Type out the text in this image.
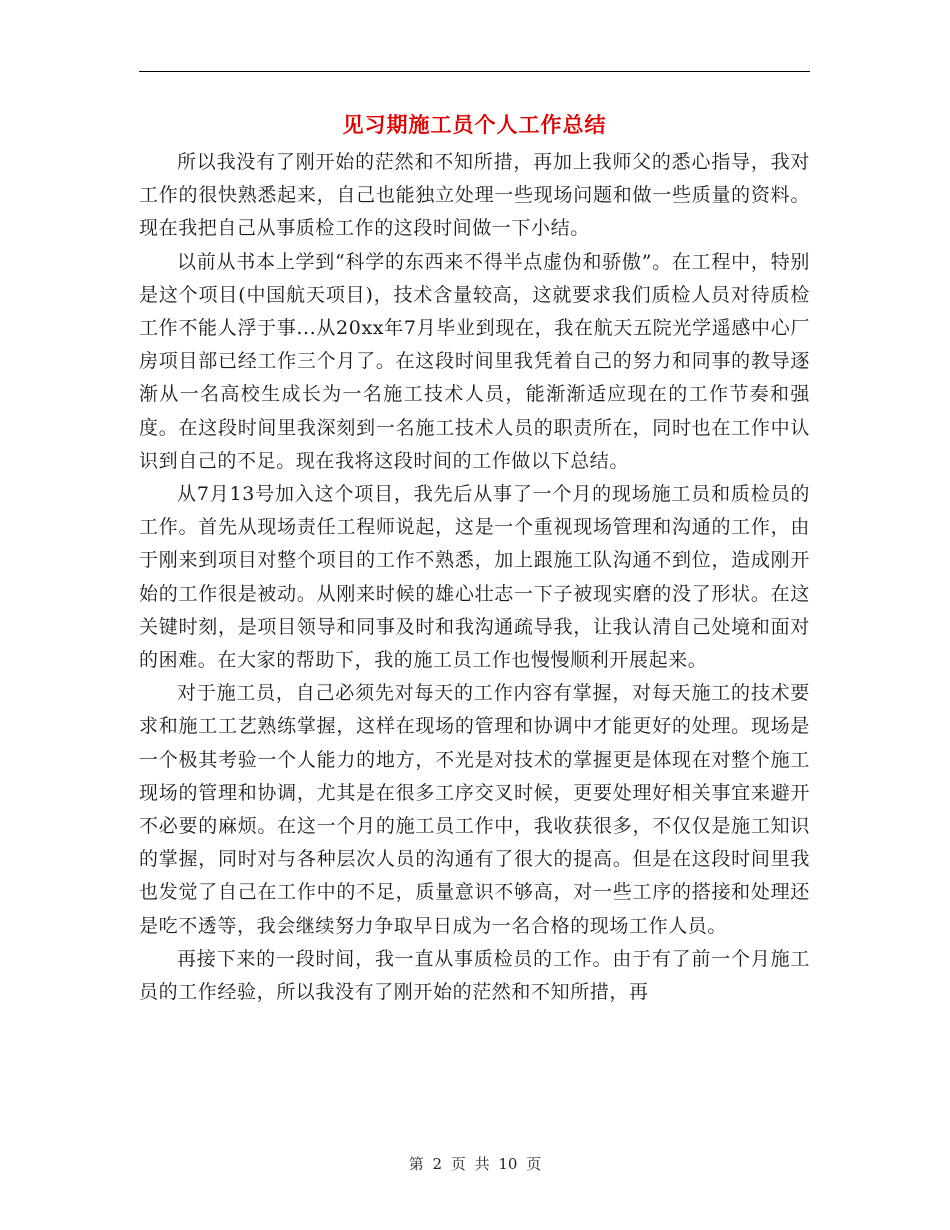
见习期施工员个人工作总结

所以我没有了刚开始的茫然和不知所措，再加上我师父的悉心指导，我对工作的很快熟悉起来，自己也能独立处理一些现场问题和做一些质量的资料。现在我把自己从事质检工作的这段时间做一下小结。

以前从书本上学到“科学的东西来不得半点虚伪和骄傲”。在工程中，特别是这个项目(中国航天项目)，技术含量较高，这就要求我们质检人员对待质检工作不能人浮于事...从20xx年7月毕业到现在，我在航天五院光学遥感中心厂房项目部已经工作三个月了。在这段时间里我凭着自己的努力和同事的教导逐渐从一名高校生成长为一名施工技术人员，能渐渐适应现在的工作节奏和强度。在这段时间里我深刻到一名施工技术人员的职责所在，同时也在工作中认识到自己的不足。现在我将这段时间的工作做以下总结。

从7月13号加入这个项目，我先后从事了一个月的现场施工员和质检员的工作。首先从现场责任工程师说起，这是一个重视现场管理和沟通的工作，由于刚来到项目对整个项目的工作不熟悉，加上跟施工队沟通不到位，造成刚开始的工作很是被动。从刚来时候的雄心壮志一下子被现实磨的没了形状。在这关键时刻，是项目领导和同事及时和我沟通疏导我，让我认清自己处境和面对的困难。在大家的帮助下，我的施工员工作也慢慢顺利开展起来。

对于施工员，自己必须先对每天的工作内容有掌握，对每天施工的技术要求和施工工艺熟练掌握，这样在现场的管理和协调中才能更好的处理。现场是一个极其考验一个人能力的地方，不光是对技术的掌握更是体现在对整个施工现场的管理和协调，尤其是在很多工序交叉时候，更要处理好相关事宜来避开不必要的麻烦。在这一个月的施工员工作中，我收获很多，不仅仅是施工知识的掌握，同时对与各种层次人员的沟通有了很大的提高。但是在这段时间里我也发觉了自己在工作中的不足，质量意识不够高，对一些工序的搭接和处理还是吃不透等，我会继续努力争取早日成为一名合格的现场工作人员。

再接下来的一段时间，我一直从事质检员的工作。由于有了前一个月施工员的工作经验，所以我没有了刚开始的茫然和不知所措，再

第 2 页 共 10 页
